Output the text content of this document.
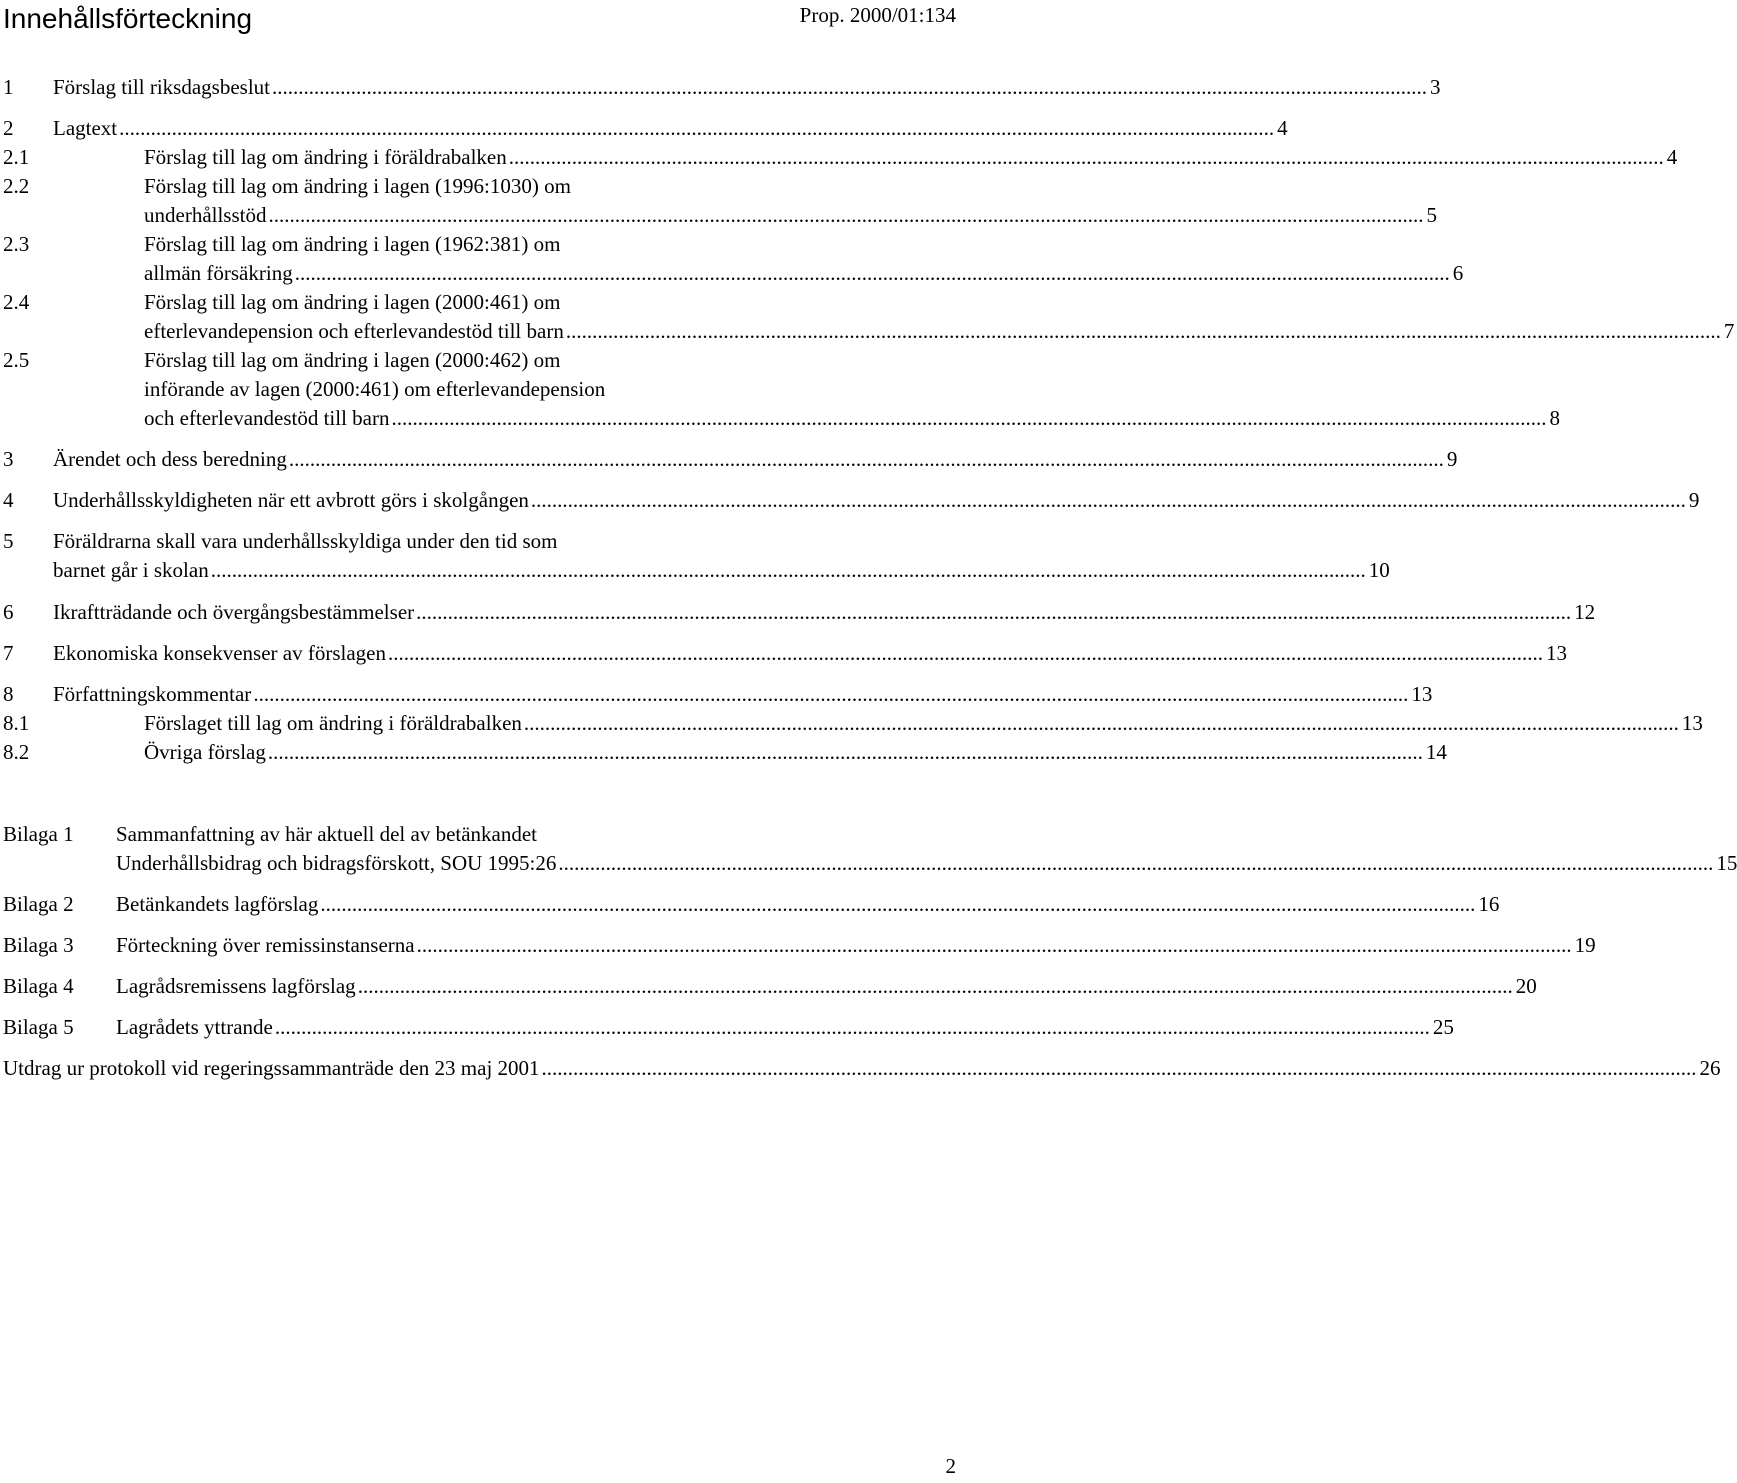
Innehållsförteckning	Prop. 2000/01:134
1 Förslag till riksdagsbeslut ............................................................................................................................................................................................................................ 3
2 Lagtext ............................................................................................................................................................................................................................ 4
2.1	Förslag till lag om ändring i föräldrabalken ............................................................................................................................................................................................................................ 4
2.2	Förslag till lag om ändring i lagen (1996:1030) om
underhållsstöd ............................................................................................................................................................................................................................ 5
2.3	Förslag till lag om ändring i lagen (1962:381) om
allmän försäkring ............................................................................................................................................................................................................................ 6
2.4	Förslag till lag om ändring i lagen (2000:461) om
efterlevandepension och efterlevandestöd till barn ............................................................................................................................................................................................................................ 7
2.5	Förslag till lag om ändring i lagen (2000:462) om
införande av lagen (2000:461) om efterlevandepension
och efterlevandestöd till barn ............................................................................................................................................................................................................................ 8
3 Ärendet och dess beredning ............................................................................................................................................................................................................................ 9
4 Underhållsskyldigheten när ett avbrott görs i skolgången ............................................................................................................................................................................................................................ 9
5 Föräldrarna skall vara underhållsskyldiga under den tid som
barnet går i skolan ............................................................................................................................................................................................................................ 10
6 Ikraftträdande och övergångsbestämmelser ............................................................................................................................................................................................................................ 12
7 Ekonomiska konsekvenser av förslagen ............................................................................................................................................................................................................................ 13
8 Författningskommentar ............................................................................................................................................................................................................................ 13
8.1	Förslaget till lag om ändring i föräldrabalken ............................................................................................................................................................................................................................ 13
8.2	Övriga förslag ............................................................................................................................................................................................................................ 14
Bilaga 1 Sammanfattning av här aktuell del av betänkandet
Underhållsbidrag och bidragsförskott, SOU 1995:26 ............................................................................................................................................................................................................................ 15
Bilaga 2 Betänkandets lagförslag ............................................................................................................................................................................................................................ 16
Bilaga 3 Förteckning över remissinstanserna ............................................................................................................................................................................................................................ 19
Bilaga 4 Lagrådsremissens lagförslag ............................................................................................................................................................................................................................ 20
Bilaga 5 Lagrådets yttrande ............................................................................................................................................................................................................................ 25
Utdrag ur protokoll vid regeringssammanträde den 23 maj 2001 ............................................................................................................................................................................................................................ 26
2
